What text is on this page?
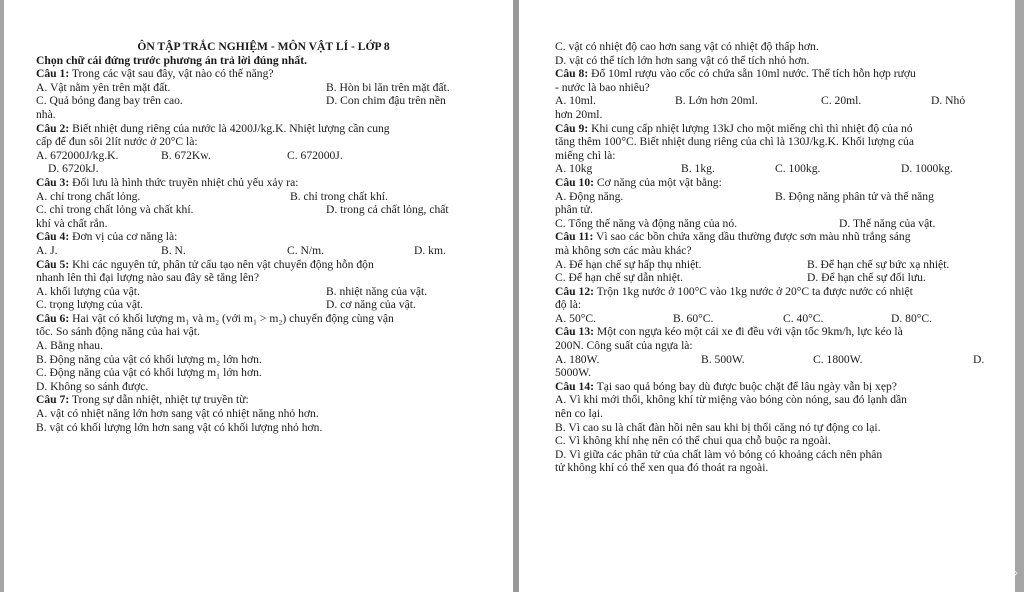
ÔN TẬP TRẮC NGHIỆM - MÔN VẬT LÍ - LỚP 8
Chọn chữ cái đứng trước phương án trả lời đúng nhất.
Câu 1: Trong các vật sau đây, vật nào có thế năng?
A. Vật nằm yên trên mặt đất.	B. Hòn bi lăn trên mặt đất.
C. Quả bóng đang bay trên cao.	D. Con chim đậu trên nền
nhà.
Câu 2: Biết nhiệt dung riêng của nước là 4200J/kg.K. Nhiệt lượng cần cung
cấp để đun sôi 2lít nước ở 20°C là:
A. 672000J/kg.K.	B. 672Kw.	C. 672000J.
D. 6720kJ.
Câu 3: Đối lưu là hình thức truyền nhiệt chủ yếu xảy ra:
A. chỉ trong chất lỏng.	B. chỉ trong chất khí.
C. chỉ trong chất lỏng và chất khí.	D. trong cả chất lỏng, chất
khí và chất rắn.
Câu 4: Đơn vị của cơ năng là:
A. J.	B. N.	C. N/m.	D. km.
Câu 5: Khi các nguyên tử, phân tử cấu tạo nên vật chuyển động hỗn độn
nhanh lên thì đại lượng nào sau đây sẽ tăng lên?
A. khối lượng của vật.	B. nhiệt năng của vật.
C. trọng lượng của vật.	D. cơ năng của vật.
Câu 6: Hai vật có khối lượng m₁ và m₂ (với m₁ > m₂) chuyển động cùng vận
tốc. So sánh động năng của hai vật.
A. Bằng nhau.
B. Động năng của vật có khối lượng m₂ lớn hơn.
C. Động năng của vật có khối lượng m₁ lớn hơn.
D. Không so sánh được.
Câu 7: Trong sự dẫn nhiệt, nhiệt tự truyền từ:
A. vật có nhiệt năng lớn hơn sang vật có nhiệt năng nhỏ hơn.
B. vật có khối lượng lớn hơn sang vật có khối lượng nhỏ hơn.
C. vật có nhiệt độ cao hơn sang vật có nhiệt độ thấp hơn.
D. vật có thể tích lớn hơn sang vật có thể tích nhỏ hơn.
Câu 8: Đổ 10ml rượu vào cốc có chứa sẵn 10ml nước. Thể tích hỗn hợp rượu
- nước là bao nhiêu?
A. 10ml.	B. Lớn hơn 20ml.	C. 20ml.	D. Nhỏ
hơn 20ml.
Câu 9: Khi cung cấp nhiệt lượng 13kJ cho một miếng chì thì nhiệt độ của nó
tăng thêm 100°C. Biết nhiệt dung riêng của chì là 130J/kg.K. Khối lượng của
miếng chì là:
A. 10kg	B. 1kg.	C. 100kg.	D. 1000kg.
Câu 10: Cơ năng của một vật bằng:
A. Động năng.	B. Động năng phân tử và thế năng
phân tử.
C. Tổng thế năng và động năng của nó.	D. Thế năng của vật.
Câu 11: Vì sao các bồn chứa xăng dầu thường được sơn màu nhũ trắng sáng
mà không sơn các màu khác?
A. Để hạn chế sự hấp thụ nhiệt.	B. Để hạn chế sự bức xạ nhiệt.
C. Để hạn chế sự dẫn nhiệt.	D. Để hạn chế sự đối lưu.
Câu 12: Trộn 1kg nước ở 100°C vào 1kg nước ở 20°C ta được nước có nhiệt
độ là:
A. 50°C.	B. 60°C.	C. 40°C.	D. 80°C.
Câu 13: Một con ngựa kéo một cái xe đi đều với vận tốc 9km/h, lực kéo là
200N. Công suất của ngựa là:
A. 180W.	B. 500W.	C. 1800W.	D.
5000W.
Câu 14: Tại sao quả bóng bay dù được buộc chặt để lâu ngày vẫn bị xẹp?
A. Vì khi mới thổi, không khí từ miệng vào bóng còn nóng, sau đó lạnh dần
nên co lại.
B. Vì cao su là chất đàn hồi nên sau khi bị thổi căng nó tự động co lại.
C. Vì không khí nhẹ nên có thể chui qua chỗ buộc ra ngoài.
D. Vì giữa các phân tử của chất làm vỏ bóng có khoảng cách nên phân
tử không khí có thể xen qua đó thoát ra ngoài.
⇨
